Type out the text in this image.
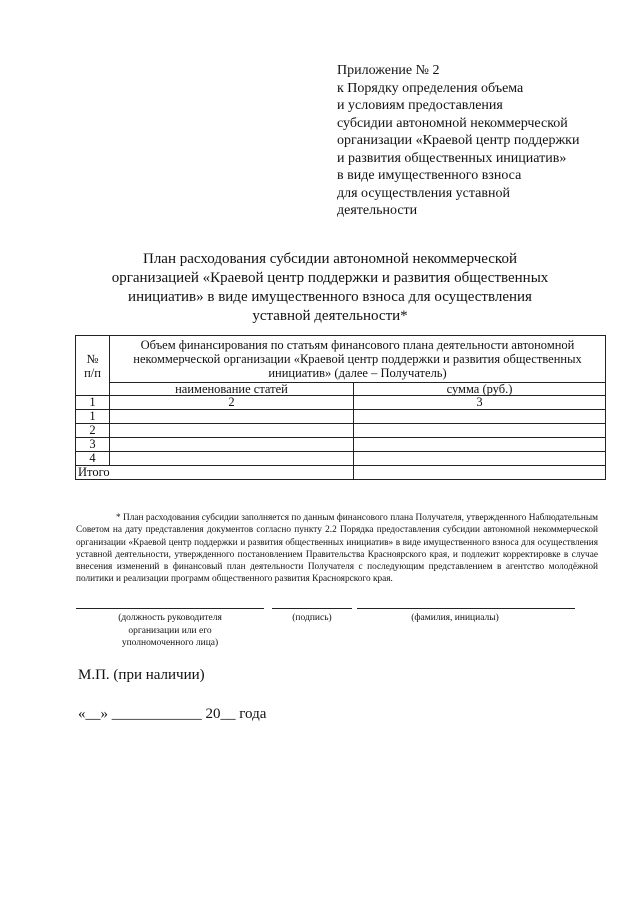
Приложение № 2
к Порядку определения объема
и условиям предоставления
субсидии автономной некоммерческой
организации «Краевой центр поддержки
и развития общественных инициатив»
в виде имущественного взноса
для осуществления уставной
деятельности
План расходования субсидии автономной некоммерческой
организацией «Краевой центр поддержки и развития общественных
инициатив» в виде имущественного взноса для осуществления
уставной деятельности*
№ п/п	Объем финансирования по статьям финансового плана деятельности автономной некоммерческой организации «Краевой центр поддержки и развития общественных инициатив» (далее – Получатель)	
	наименование статей	сумма (руб.)
1	2	3
1		
2		
3		
4		
Итого		
* План расходования субсидии заполняется по данным финансового плана Получателя, утвержденного Наблюдательным Советом на дату представления документов согласно пункту 2.2 Порядка предоставления субсидии автономной некоммерческой организации «Краевой центр поддержки и развития общественных инициатив» в виде имущественного взноса для осуществления уставной деятельности, утвержденного постановлением Правительства Красноярского края, и подлежит корректировке в случае внесения изменений в финансовый план деятельности Получателя с последующим представлением в агентство молодёжной политики и реализации программ общественного развития Красноярского края.
(должность руководителя
организации или его
уполномоченного лица)
(подпись)	(фамилия, инициалы)
М.П. (при наличии)
«__» ____________ 20__ года
